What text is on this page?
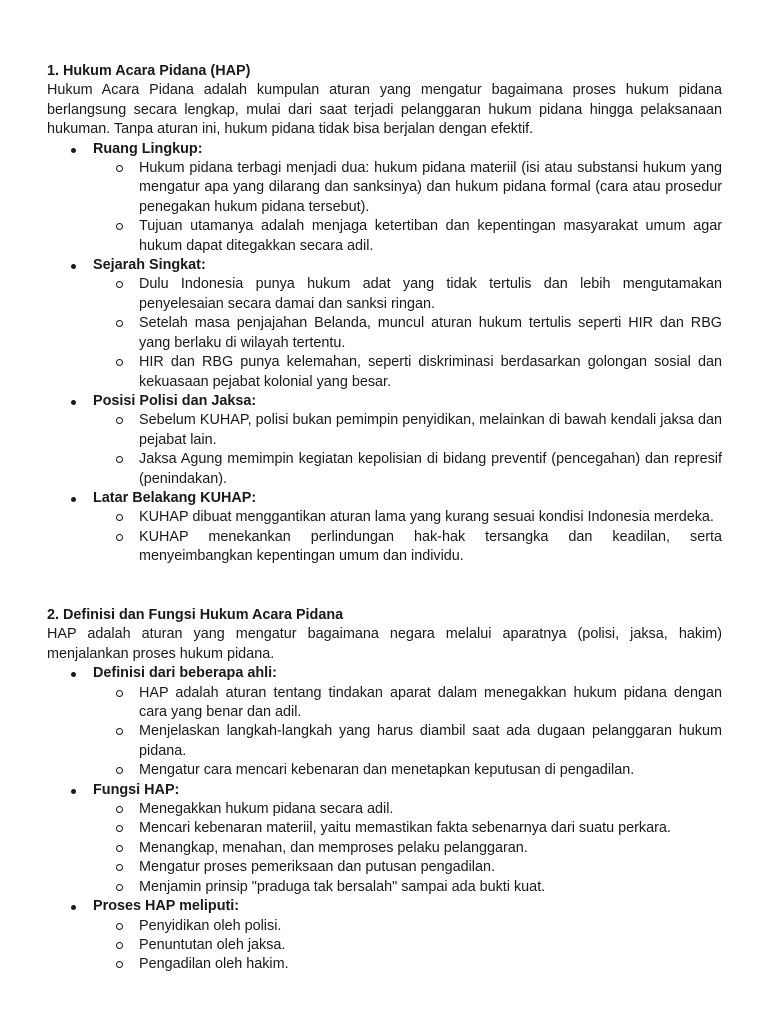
1. Hukum Acara Pidana (HAP)

Hukum Acara Pidana adalah kumpulan aturan yang mengatur bagaimana proses hukum pidana berlangsung secara lengkap, mulai dari saat terjadi pelanggaran hukum pidana hingga pelaksanaan hukuman. Tanpa aturan ini, hukum pidana tidak bisa berjalan dengan efektif.

Ruang Lingkup:
Hukum pidana terbagi menjadi dua: hukum pidana materiil (isi atau substansi hukum yang mengatur apa yang dilarang dan sanksinya) dan hukum pidana formal (cara atau prosedur penegakan hukum pidana tersebut).
Tujuan utamanya adalah menjaga ketertiban dan kepentingan masyarakat umum agar hukum dapat ditegakkan secara adil.
Sejarah Singkat:
Dulu Indonesia punya hukum adat yang tidak tertulis dan lebih mengutamakan penyelesaian secara damai dan sanksi ringan.
Setelah masa penjajahan Belanda, muncul aturan hukum tertulis seperti HIR dan RBG yang berlaku di wilayah tertentu.
HIR dan RBG punya kelemahan, seperti diskriminasi berdasarkan golongan sosial dan kekuasaan pejabat kolonial yang besar.
Posisi Polisi dan Jaksa:
Sebelum KUHAP, polisi bukan pemimpin penyidikan, melainkan di bawah kendali jaksa dan pejabat lain.
Jaksa Agung memimpin kegiatan kepolisian di bidang preventif (pencegahan) dan represif (penindakan).
Latar Belakang KUHAP:
KUHAP dibuat menggantikan aturan lama yang kurang sesuai kondisi Indonesia merdeka.
KUHAP menekankan perlindungan hak-hak tersangka dan keadilan, serta menyeimbangkan kepentingan umum dan individu.
2. Definisi dan Fungsi Hukum Acara Pidana

HAP adalah aturan yang mengatur bagaimana negara melalui aparatnya (polisi, jaksa, hakim) menjalankan proses hukum pidana.

Definisi dari beberapa ahli:
HAP adalah aturan tentang tindakan aparat dalam menegakkan hukum pidana dengan cara yang benar dan adil.
Menjelaskan langkah-langkah yang harus diambil saat ada dugaan pelanggaran hukum pidana.
Mengatur cara mencari kebenaran dan menetapkan keputusan di pengadilan.
Fungsi HAP:
Menegakkan hukum pidana secara adil.
Mencari kebenaran materiil, yaitu memastikan fakta sebenarnya dari suatu perkara.
Menangkap, menahan, dan memproses pelaku pelanggaran.
Mengatur proses pemeriksaan dan putusan pengadilan.
Menjamin prinsip "praduga tak bersalah" sampai ada bukti kuat.
Proses HAP meliputi:
Penyidikan oleh polisi.
Penuntutan oleh jaksa.
Pengadilan oleh hakim.
